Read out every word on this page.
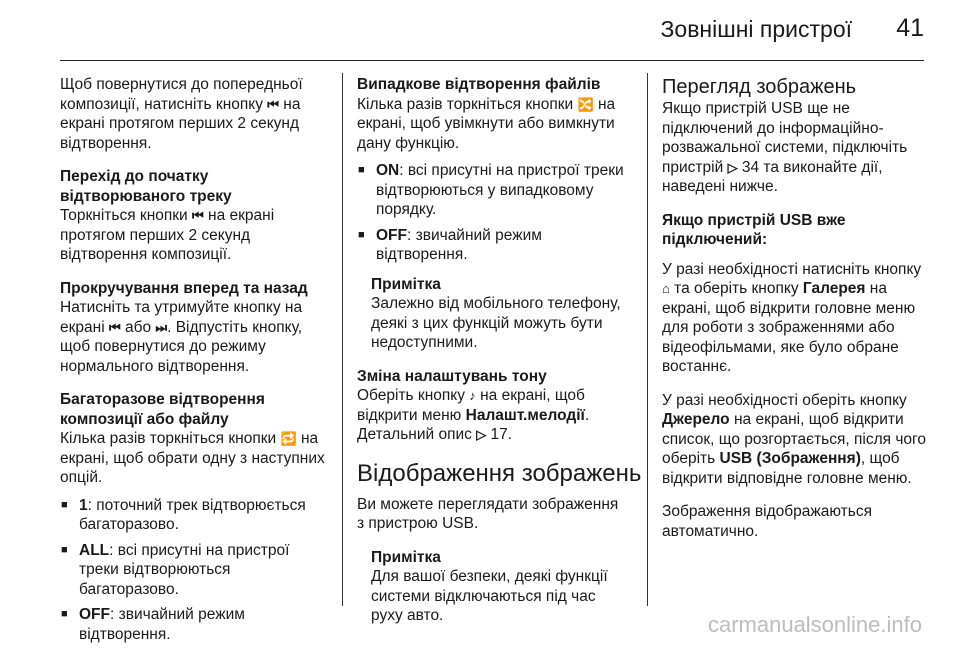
Зовнішні пристрої 41

Щоб повернутися до попередньої композиції, натисніть кнопку ⏮ на екрані протягом перших 2 секунд відтворення.

Перехід до початку відтворюваного треку

Торкніться кнопки ⏮ на екрані протягом перших 2 секунд відтворення композиції.

Прокручування вперед та назад

Натисніть та утримуйте кнопку на екрані ⏮ або ⏭. Відпустіть кнопку, щоб повернутися до режиму нормального відтворення.

Багаторазове відтворення композиції або файлу

Кілька разів торкніться кнопки 🔁 на екрані, щоб обрати одну з наступних опцій.

■ 1: поточний трек відтворюється багаторазово.
■ ALL: всі присутні на пристрої треки відтворюються багаторазово.
■ OFF: звичайний режим відтворення.
Випадкове відтворення файлів

Кілька разів торкніться кнопки 🔀 на екрані, щоб увімкнути або вимкнути дану функцію.

■ ON: всі присутні на пристрої треки відтворюються у випадковому порядку.
■ OFF: звичайний режим відтворення.
Примітка
Залежно від мобільного телефону, деякі з цих функцій можуть бути недоступними.
Зміна налаштувань тону

Оберіть кнопку ♪ на екрані, щоб відкрити меню Налашт.мелодії. Детальний опис ▷ 17.

Відображення зображень

Ви можете переглядати зображення з пристрою USB.

Примітка
Для вашої безпеки, деякі функції системи відключаються під час руху авто.
Перегляд зображень

Якщо пристрій USB ще не підключений до інформаційно-розважальної системи, підключіть пристрій ▷ 34 та виконайте дії, наведені нижче.

Якщо пристрій USB вже підключений:

У разі необхідності натисніть кнопку ⌂ та оберіть кнопку Галерея на екрані, щоб відкрити головне меню для роботи з зображеннями або відеофільмами, яке було обране востаннє.

У разі необхідності оберіть кнопку Джерело на екрані, щоб відкрити список, що розгортається, після чого оберіть USB (Зображення), щоб відкрити відповідне головне меню.

Зображення відображаються автоматично.

carmanualsonline.info
